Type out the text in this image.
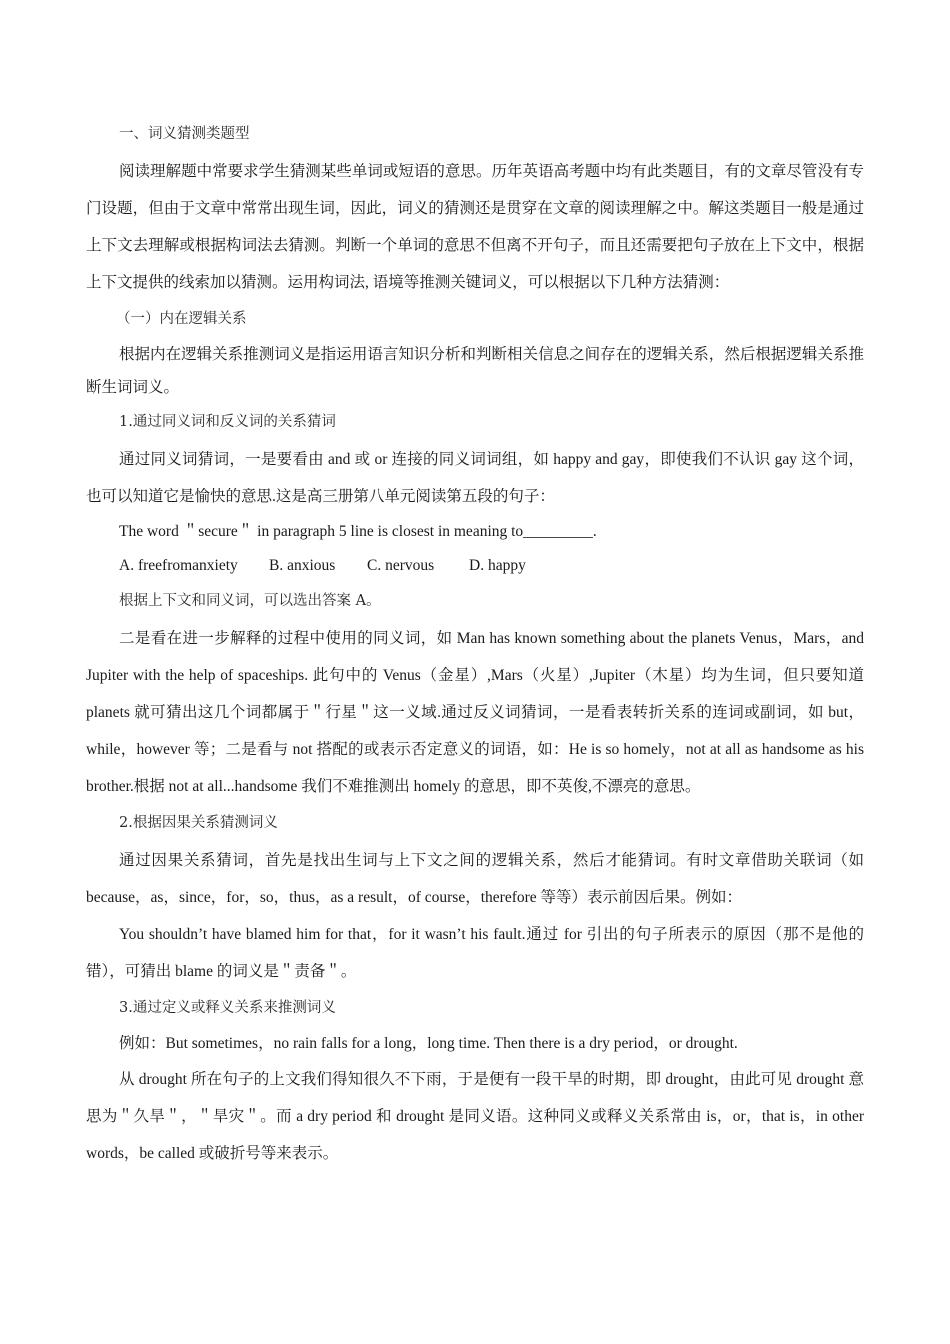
一、词义猜测类题型

阅读理解题中常要求学生猜测某些单词或短语的意思。历年英语高考题中均有此类题目，有的文章尽管没有专门设题，但由于文章中常常出现生词，因此，词义的猜测还是贯穿在文章的阅读理解之中。解这类题目一般是通过上下文去理解或根据构词法去猜测。判断一个单词的意思不但离不开句子，而且还需要把句子放在上下文中，根据上下文提供的线索加以猜测。运用构词法, 语境等推测关键词义，可以根据以下几种方法猜测：

（一）内在逻辑关系

根据内在逻辑关系推测词义是指运用语言知识分析和判断相关信息之间存在的逻辑关系，然后根据逻辑关系推断生词词义。

1.通过同义词和反义词的关系猜词

通过同义词猜词，一是要看由 and 或 or 连接的同义词词组，如 happy and gay，即使我们不认识 gay 这个词，也可以知道它是愉快的意思.这是高三册第八单元阅读第五段的句子：

The word ＂secure＂ in paragraph 5 line is closest in meaning to_________.
A. freefromanxiety	B. anxious	C. nervous	D. happy
根据上下文和同义词，可以选出答案 A。

二是看在进一步解释的过程中使用的同义词，如 Man has known something about the planets Venus，Mars，and Jupiter with the help of spaceships. 此句中的 Venus（金星）,Mars（火星）,Jupiter（木星）均为生词，但只要知道 planets 就可猜出这几个词都属于＂行星＂这一义域.通过反义词猜词，一是看表转折关系的连词或副词，如 but，while，however 等；二是看与 not 搭配的或表示否定意义的词语，如：He is so homely，not at all as handsome as his brother.根据 not at all...handsome 我们不难推测出 homely 的意思，即不英俊,不漂亮的意思。

2.根据因果关系猜测词义

通过因果关系猜词，首先是找出生词与上下文之间的逻辑关系，然后才能猜词。有时文章借助关联词（如 because，as，since，for，so，thus，as a result，of course，therefore 等等）表示前因后果。例如：

You shouldn’t have blamed him for that，for it wasn’t his fault.通过 for 引出的句子所表示的原因（那不是他的错），可猜出 blame 的词义是＂责备＂。

3.通过定义或释义关系来推测词义
例如：But sometimes，no rain falls for a long，long time. Then there is a dry period，or drought.

从 drought 所在句子的上文我们得知很久不下雨，于是便有一段干旱的时期，即 drought，由此可见 drought 意思为＂久旱＂，＂旱灾＂。而 a dry period 和 drought 是同义语。这种同义或释义关系常由 is，or，that is，in other words，be called 或破折号等来表示。
